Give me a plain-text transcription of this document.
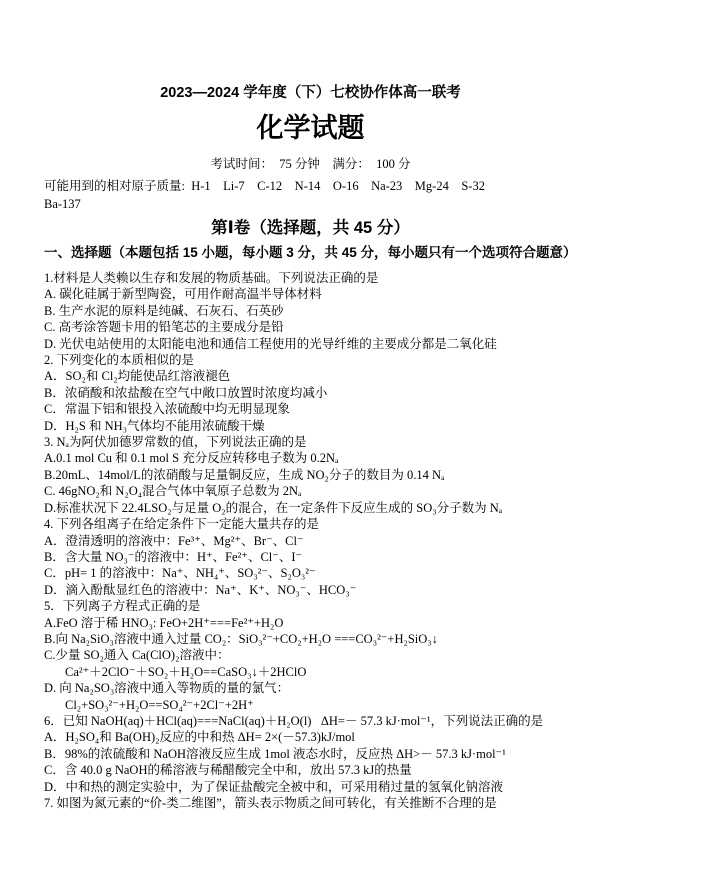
2023—2024 学年度（下）七校协作体高一联考
化学试题
考试时间：  75 分钟    满分：  100 分
可能用到的相对原子质量:  H-1    Li-7    C-12    N-14    O-16    Na-23    Mg-24    S-32
Ba-137
第Ⅰ卷（选择题，共 45 分）
一、选择题（本题包括 15 小题，每小题 3 分，共 45 分，每小题只有一个选项符合题意）
1.材料是人类赖以生存和发展的物质基础。下列说法正确的是
A. 碳化硅属于新型陶瓷，可用作耐高温半导体材料
B. 生产水泥的原料是纯碱、石灰石、石英砂
C. 高考涂答题卡用的铅笔芯的主要成分是铅
D. 光伏电站使用的太阳能电池和通信工程使用的光导纤维的主要成分都是二氧化硅
2. 下列变化的本质相似的是
A．SO₂和 Cl₂均能使品红溶液褪色
B．浓硝酸和浓盐酸在空气中敞口放置时浓度均减小
C．常温下铝和银投入浓硫酸中均无明显现象
D．H₂S 和 NH₃气体均不能用浓硫酸干燥
3. Nₐ为阿伏加德罗常数的值，下列说法正确的是
A.0.1 mol Cu 和 0.1 mol S 充分反应转移电子数为 0.2Nₐ
B.20mL、14mol/L的浓硝酸与足量铜反应，生成 NO₂分子的数目为 0.14 Nₐ
C. 46gNO₂和 N₂O₄混合气体中氧原子总数为 2Nₐ
D.标准状况下 22.4LSO₂与足量 O₂的混合，在一定条件下反应生成的 SO₃分子数为 Nₐ
4. 下列各组离子在给定条件下一定能大量共存的是
A．澄清透明的溶液中：Fe³⁺、Mg²⁺、Br⁻、Cl⁻
B．含大量 NO₃⁻的溶液中：H⁺、Fe²⁺、Cl⁻、I⁻
C．pH= 1 的溶液中：Na⁺、NH₄⁺、SO₃²⁻、S₂O₃²⁻
D．滴入酚酞显红色的溶液中：Na⁺、K⁺、NO₃⁻、HCO₃⁻
5．下列离子方程式正确的是
A.FeO 溶于稀 HNO₃: FeO+2H⁺===Fe²⁺+H₂O
B.向 Na₂SiO₃溶液中通入过量 CO₂：SiO₃²⁻+CO₂+H₂O ===CO₃²⁻+H₂SiO₃↓
C.少量 SO₂通入 Ca(ClO)₂溶液中：
Ca²⁺＋2ClO⁻＋SO₂＋H₂O==CaSO₃↓＋2HClO
D. 向 Na₂SO₃溶液中通入等物质的量的氯气：
Cl₂+SO₃²⁻+H₂O==SO₄²⁻+2Cl⁻+2H⁺
6．已知 NaOH(aq)＋HCl(aq)===NaCl(aq)＋H₂O(l)   ΔH=－ 57.3 kJ·mol⁻¹，下列说法正确的是
A．H₂SO₄和 Ba(OH)₂反应的中和热 ΔH= 2×(－57.3)kJ/mol
B．98%的浓硫酸和 NaOH溶液反应生成 1mol 液态水时，反应热 ΔH>－ 57.3 kJ·mol⁻¹
C．含 40.0 g NaOH的稀溶液与稀醋酸完全中和，放出 57.3 kJ的热量
D．中和热的测定实验中，为了保证盐酸完全被中和，可采用稍过量的氢氧化钠溶液
7. 如图为氮元素的“价-类二维图”，箭头表示物质之间可转化，有关推断不合理的是
